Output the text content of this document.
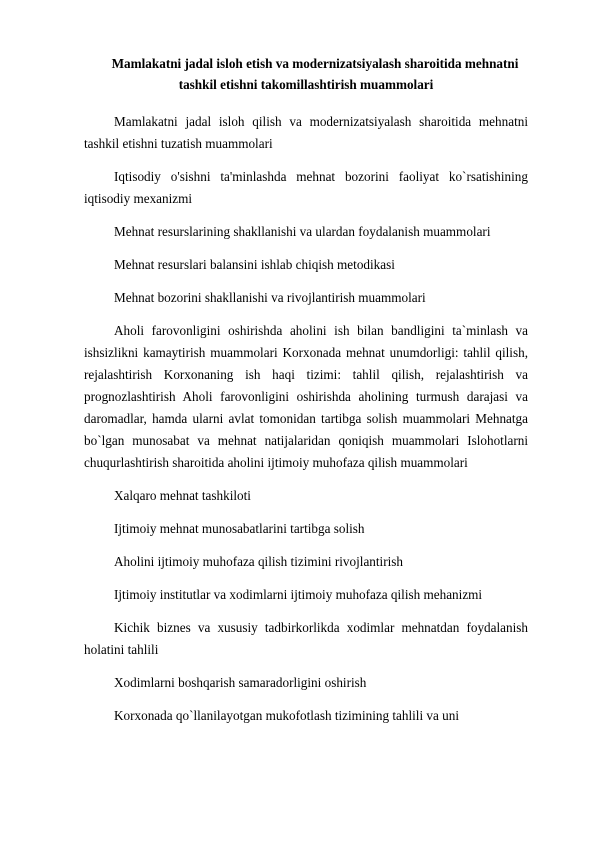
Mamlakatni jadal isloh etish va modernizatsiyalash sharoitida mehnatni
tashkil etishni takomillashtirish muammolari

Mamlakatni jadal isloh qilish va modernizatsiyalash sharoitida mehnatni tashkil etishni tuzatish muammolari

Iqtisodiy o'sishni ta'minlashda mehnat bozorini faoliyat ko`rsatishining iqtisodiy mexanizmi

Mehnat resurslarining shakllanishi va ulardan foydalanish muammolari

Mehnat resurslari balansini ishlab chiqish metodikasi

Mehnat bozorini shakllanishi va rivojlantirish muammolari

Aholi farovonligini oshirishda aholini ish bilan bandligini ta`minlash va ishsizlikni kamaytirish muammolari Korxonada mehnat unumdorligi: tahlil qilish, rejalashtirish Korxonaning ish haqi tizimi: tahlil qilish, rejalashtirish va prognozlashtirish Aholi farovonligini oshirishda aholining turmush darajasi va daromadlar, hamda ularni avlat tomonidan tartibga solish muammolari Mehnatga bo`lgan munosabat va mehnat natijalaridan qoniqish muammolari Islohotlarni chuqurlashtirish sharoitida aholini ijtimoiy muhofaza qilish muammolari

Xalqaro mehnat tashkiloti

Ijtimoiy mehnat munosabatlarini tartibga solish

Aholini ijtimoiy muhofaza qilish tizimini rivojlantirish

Ijtimoiy institutlar va xodimlarni ijtimoiy muhofaza qilish mehanizmi

Kichik biznes va xususiy tadbirkorlikda xodimlar mehnatdan foydalanish holatini tahlili

Xodimlarni boshqarish samaradorligini oshirish

Korxonada qo`llanilayotgan mukofotlash tizimining tahlili va uni
